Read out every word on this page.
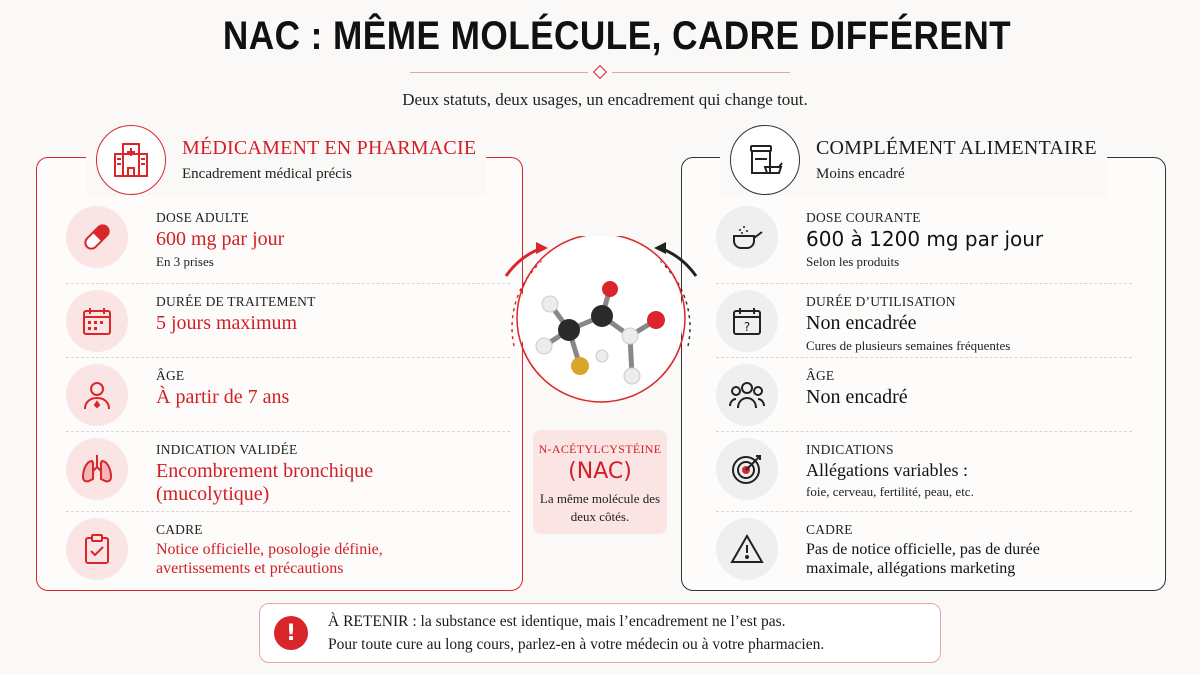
NAC : MÊME MOLÉCULE, CADRE DIFFÉRENT
Deux statuts, deux usages, un encadrement qui change tout.
MÉDICAMENT EN PHARMACIE
Encadrement médical précis
COMPLÉMENT ALIMENTAIRE
Moins encadré
DOSE ADULTE
600 mg par jour
En 3 prises
DURÉE DE TRAITEMENT
5 jours maximum
ÂGE
À partir de 7 ans
INDICATION VALIDÉE
Encombrement bronchique (mucolytique)
CADRE
Notice officielle, posologie définie, avertissements et précautions
DOSE COURANTE
600 à 1200 mg par jour
Selon les produits
?
DURÉE D’UTILISATION
Non encadrée
Cures de plusieurs semaines fréquentes
ÂGE
Non encadré
INDICATIONS
Allégations variables :
foie, cerveau, fertilité, peau, etc.
CADRE
Pas de notice officielle, pas de durée maximale, allégations marketing
N-ACÉTYLCYSTÉINE
(NAC)
La même molécule des deux côtés.
!	À RETENIR : la substance est identique, mais l’encadrement ne l’est pas.
Pour toute cure au long cours, parlez-en à votre médecin ou à votre pharmacien.
